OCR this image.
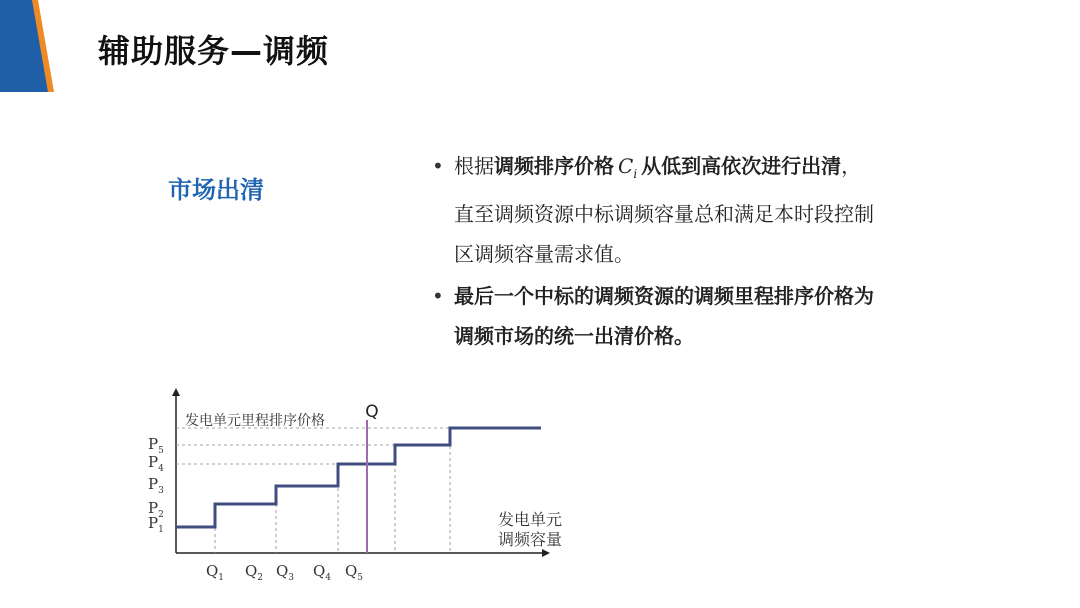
辅助服务—调频
市场出清
• 根据调频排序价格 $C_i$ 从低到高依次进行出清，直至调频资源中标调频容量总和满足本时段控制区调频容量需求值。
• 最后一个中标的调频资源的调频里程排序价格为调频市场的统一出清价格。
Q
发电单元里程排序价格
$P_1$
$P_2$
$P_3$
$P_4$
$P_5$
$Q_1$ $Q_2$ $Q_3$ $Q_4$ $Q_5$
发电单元
调频容量
